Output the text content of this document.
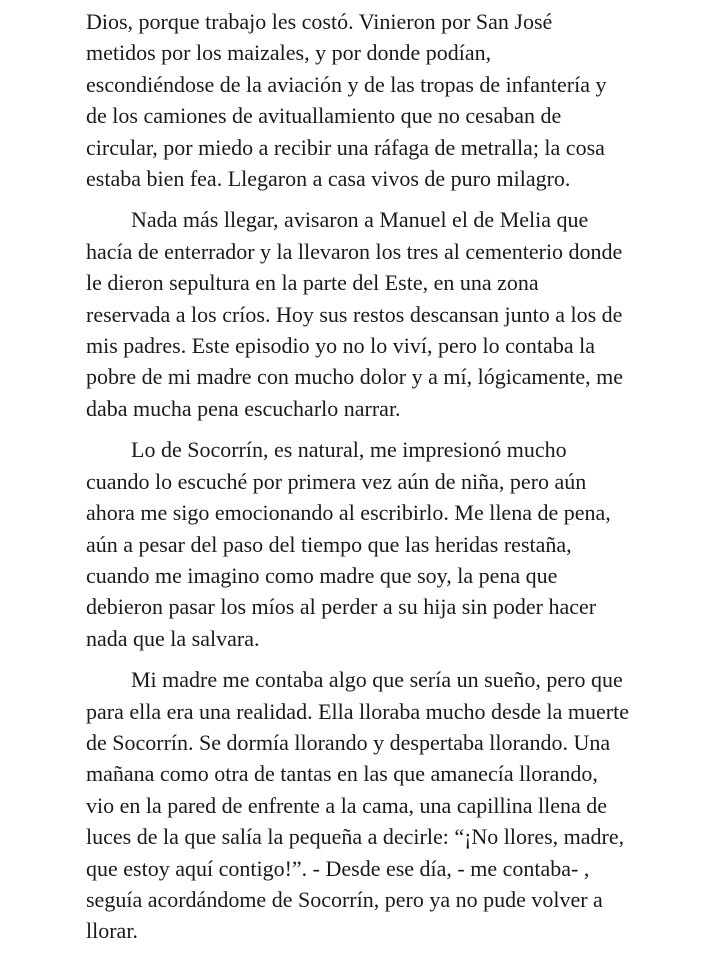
Dios, porque trabajo les costó. Vinieron por San José
metidos por los maizales, y por donde podían,
escondiéndose de la aviación y de las tropas de infantería y
de los camiones de avituallamiento que no cesaban de
circular, por miedo a recibir una ráfaga de metralla; la cosa
estaba bien fea. Llegaron a casa vivos de puro milagro.
Nada más llegar, avisaron a Manuel el de Melia que
hacía de enterrador y la llevaron los tres al cementerio donde
le dieron sepultura en la parte del Este, en una zona
reservada a los críos. Hoy sus restos descansan junto a los de
mis padres. Este episodio yo no lo viví, pero lo contaba la
pobre de mi madre con mucho dolor y a mí, lógicamente, me
daba mucha pena escucharlo narrar.
Lo de Socorrín, es natural, me impresionó mucho
cuando lo escuché por primera vez aún de niña, pero aún
ahora me sigo emocionando al escribirlo. Me llena de pena,
aún a pesar del paso del tiempo que las heridas restaña,
cuando me imagino como madre que soy, la pena que
debieron pasar los míos al perder a su hija sin poder hacer
nada que la salvara.
Mi madre me contaba algo que sería un sueño, pero que
para ella era una realidad. Ella lloraba mucho desde la muerte
de Socorrín. Se dormía llorando y despertaba llorando. Una
mañana como otra de tantas en las que amanecía llorando,
vio en la pared de enfrente a la cama, una capillina llena de
luces de la que salía la pequeña a decirle: “¡No llores, madre,
que estoy aquí contigo!”. - Desde ese día, - me contaba- ,
seguía acordándome de Socorrín, pero ya no pude volver a
llorar.
